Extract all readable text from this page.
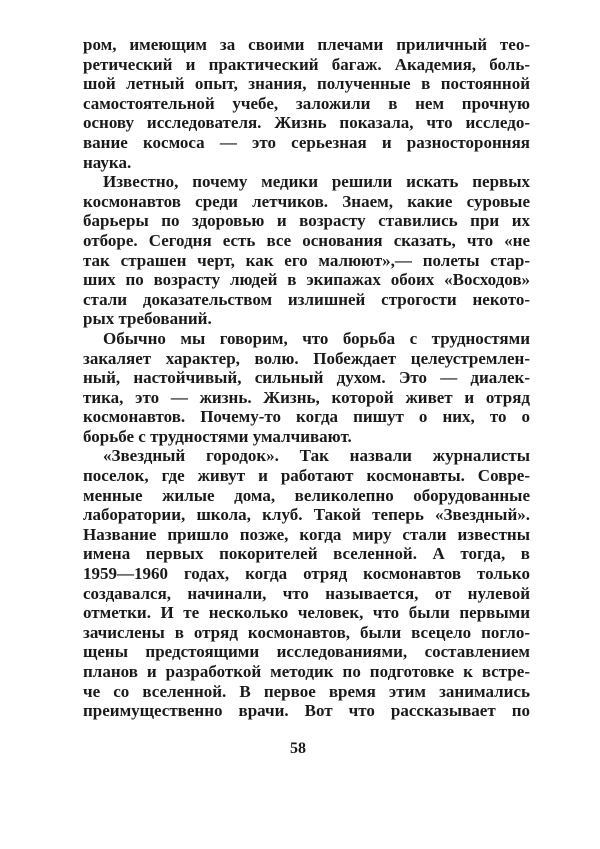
ром, имеющим за своими плечами приличный тео-
ретический и практический багаж. Академия, боль-
шой летный опыт, знания, полученные в постоянной
самостоятельной учебе, заложили в нем прочную
основу исследователя. Жизнь показала, что исследо-
вание космоса — это серьезная и разносторонняя
наука.
Известно, почему медики решили искать первых
космонавтов среди летчиков. Знаем, какие суровые
барьеры по здоровью и возрасту ставились при их
отборе. Сегодня есть все основания сказать, что «не
так страшен черт, как его малюют»,— полеты стар-
ших по возрасту людей в экипажах обоих «Восходов»
стали доказательством излишней строгости некото-
рых требований.
Обычно мы говорим, что борьба с трудностями
закаляет характер, волю. Побеждает целеустремлен-
ный, настойчивый, сильный духом. Это — диалек-
тика, это — жизнь. Жизнь, которой живет и отряд
космонавтов. Почему-то когда пишут о них, то о
борьбе с трудностями умалчивают.
«Звездный городок». Так назвали журналисты
поселок, где живут и работают космонавты. Совре-
менные жилые дома, великолепно оборудованные
лаборатории, школа, клуб. Такой теперь «Звездный».
Название пришло позже, когда миру стали известны
имена первых покорителей вселенной. А тогда, в
1959—1960 годах, когда отряд космонавтов только
создавался, начинали, что называется, от нулевой
отметки. И те несколько человек, что были первыми
зачислены в отряд космонавтов, были всецело погло-
щены предстоящими исследованиями, составлением
планов и разработкой методик по подготовке к встре-
че со вселенной. В первое время этим занимались
преимущественно врачи. Вот что рассказывает по
58
